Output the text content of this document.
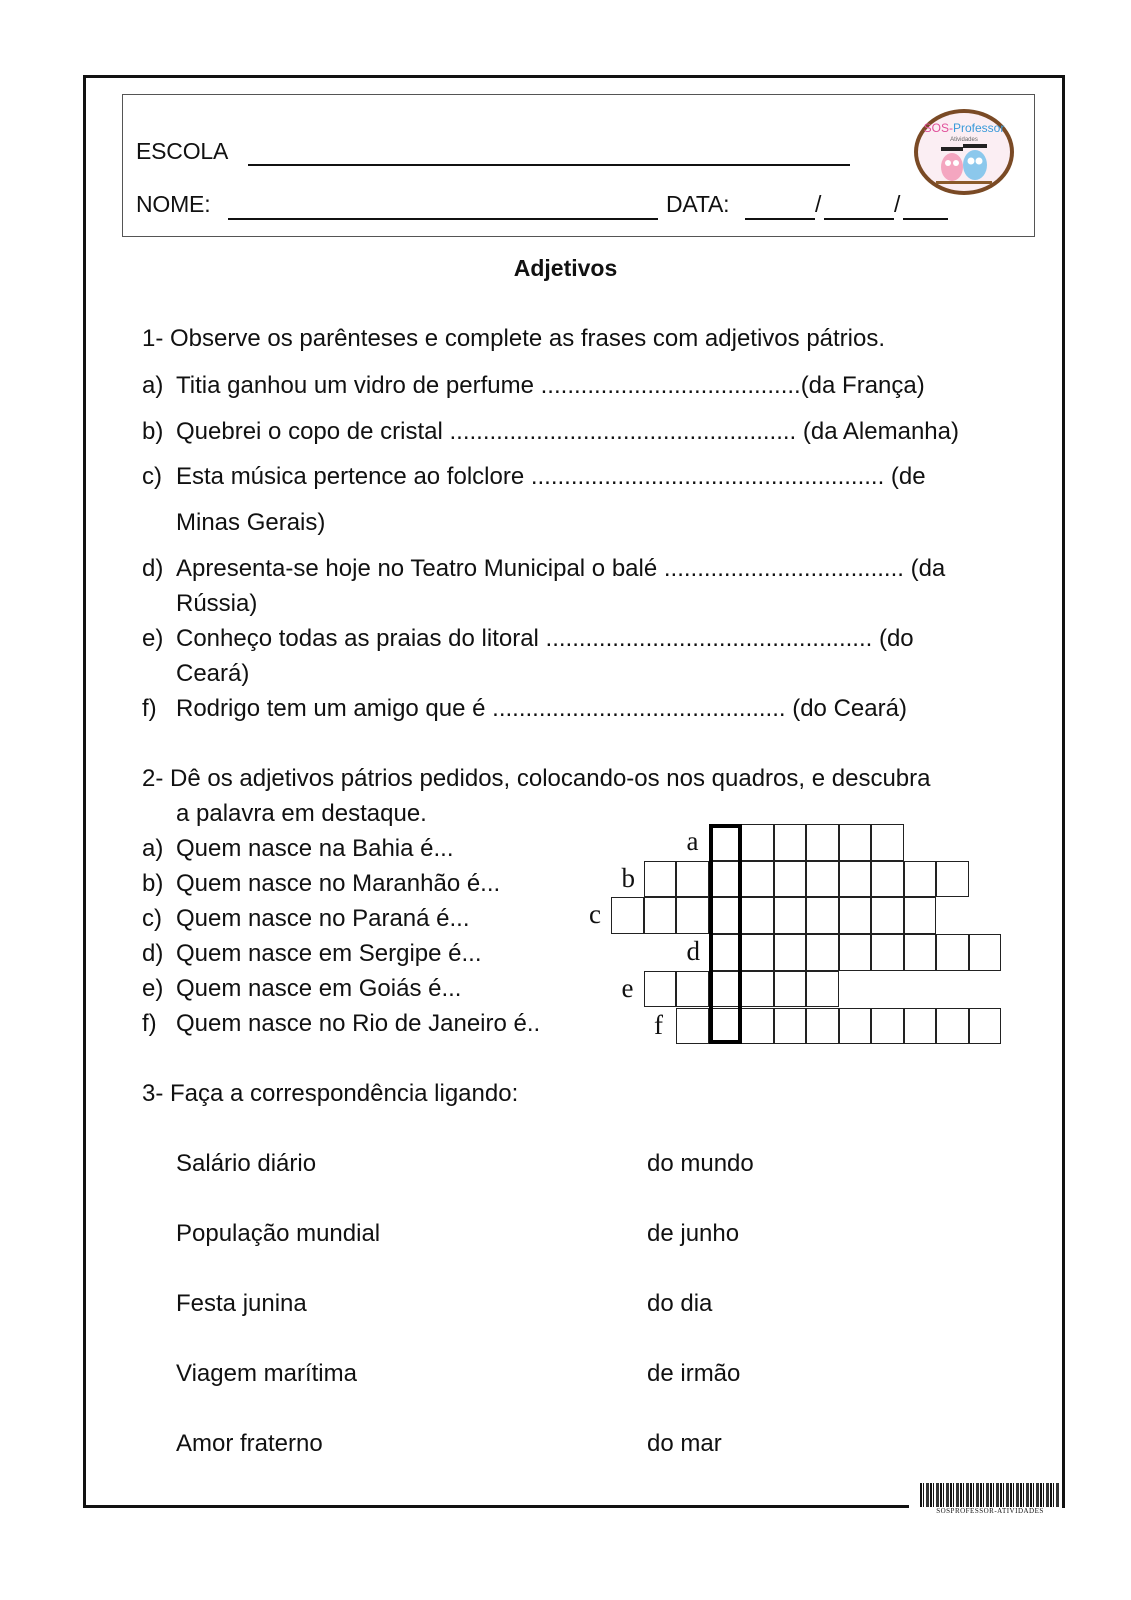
ESCOLA
NOME:	DATA:	/	/
SOS-Professor
Atividades
Adjetivos
1- Observe os parênteses e complete as frases com adjetivos pátrios.
a) Titia ganhou um vidro de perfume .......................................(da França)
b) Quebrei o copo de cristal .................................................... (da Alemanha)
c) Esta música pertence ao folclore ..................................................... (de
Minas Gerais)
d) Apresenta-se hoje no Teatro Municipal o balé .................................... (da
Rússia)
e) Conheço todas as praias do litoral ................................................. (do
Ceará)
f) Rodrigo tem um amigo que é ............................................ (do Ceará)
2- Dê os adjetivos pátrios pedidos, colocando-os nos quadros, e descubra
a palavra em destaque.
a) Quem nasce na Bahia é...
b) Quem nasce no Maranhão é...
c) Quem nasce no Paraná é...
d) Quem nasce em Sergipe é...
e) Quem nasce em Goiás é...
f) Quem nasce no Rio de Janeiro é..
a
b
c
d
e
f
3- Faça a correspondência ligando:
Salário diário
População mundial
Festa junina
Viagem marítima
Amor fraterno
do mundo
de junho
do dia
de irmão
do mar
SOSPROFESSOR-ATIVIDADES
